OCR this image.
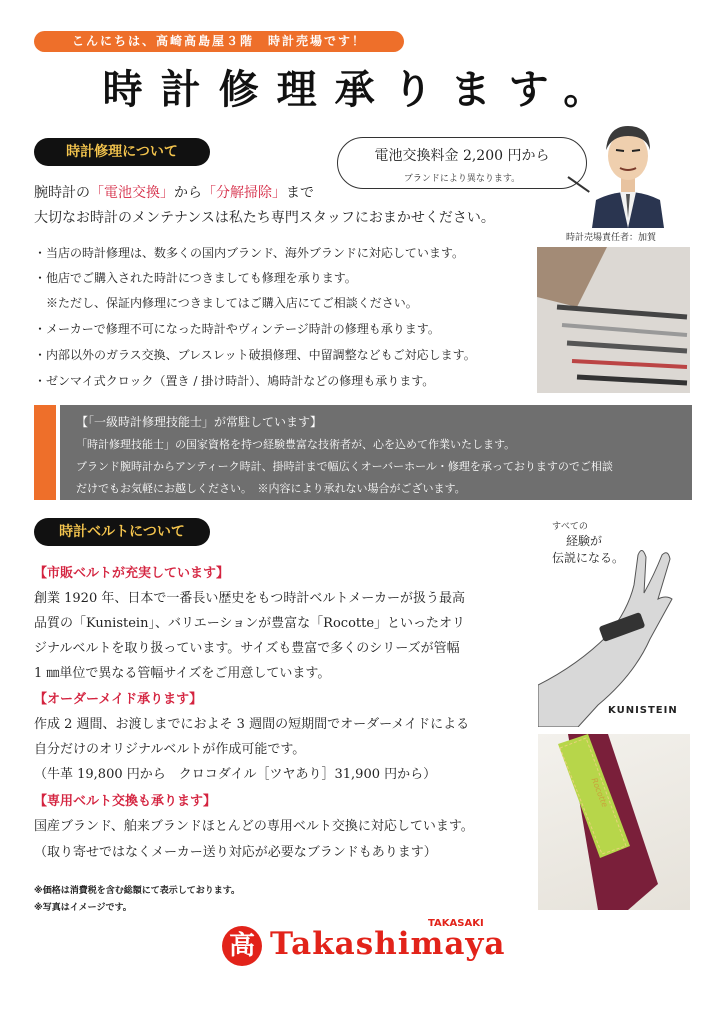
こんにちは、高崎高島屋３階　時計売場です！
時計修理承ります。
時計修理について	電池交換料金 2,200 円から
ブランドにより異なります。
時計売場責任者：加賀
腕時計の「電池交換」から「分解掃除」まで
大切なお時計のメンテナンスは私たち専門スタッフにおまかせください。
・当店の時計修理は、数多くの国内ブランド、海外ブランドに対応しています。
・他店でご購入された時計につきましても修理を承ります。
　※ただし、保証内修理につきましてはご購入店にてご相談ください。
・メーカーで修理不可になった時計やヴィンテージ時計の修理も承ります。
・内部以外のガラス交換、ブレスレット破損修理、中留調整などもご対応します。
・ゼンマイ式クロック（置き / 掛け時計）、鳩時計などの修理も承ります。
【「一級時計修理技能士」が常駐しています】
「時計修理技能士」の国家資格を持つ経験豊富な技術者が、心を込めて作業いたします。
ブランド腕時計からアンティーク時計、掛時計まで幅広くオーバーホール・修理を承っておりますのでご相談
だけでもお気軽にお越しください。　※内容により承れない場合がございます。
時計ベルトについて
【市販ベルトが充実しています】
創業 1920 年、日本で一番長い歴史をもつ時計ベルトメーカーが扱う最高
品質の「Kunistein」、バリエーションが豊富な「Rocotte」といったオリ
ジナルベルトを取り扱っています。サイズも豊富で多くのシリーズが管幅
1 ㎜単位で異なる管幅サイズをご用意しています。
【オーダーメイド承ります】
作成 2 週間、お渡しまでにおよそ 3 週間の短期間でオーダーメイドによる
自分だけのオリジナルベルトが作成可能です。
（牛革 19,800 円から　クロコダイル［ツヤあり］31,900 円から）
【専用ベルト交換も承ります】
国産ブランド、舶来ブランドほとんどの専用ベルト交換に対応しています。
（取り寄せではなくメーカー送り対応が必要なブランドもあります）
すべての
経験が
伝説になる。
KUNISTEIN
Rocotte
※価格は消費税を含む総額にて表示しております。
※写真はイメージです。
高 Takashimaya
TAKASAKI
